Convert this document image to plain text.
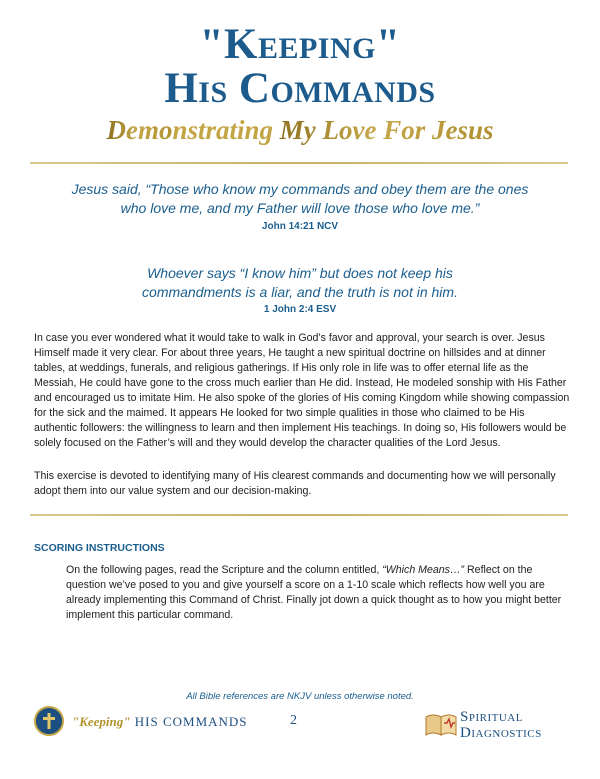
"Keeping"
His Commands
Demonstrating My Love For Jesus
Jesus said, “Those who know my commands and obey them are the ones
who love me, and my Father will love those who love me.”
John 14:21 NCV
Whoever says “I know him” but does not keep his
commandments is a liar, and the truth is not in him.
1 John 2:4 ESV
In case you ever wondered what it would take to walk in God’s favor and approval, your search is over. Jesus Himself made it very clear. For about three years, He taught a new spiritual doctrine on hillsides and at dinner tables, at weddings, funerals, and religious gatherings. If His only role in life was to offer eternal life as the Messiah, He could have gone to the cross much earlier than He did. Instead, He modeled sonship with His Father and encouraged us to imitate Him. He also spoke of the glories of His coming Kingdom while showing compassion for the sick and the maimed. It appears He looked for two simple qualities in those who claimed to be His authentic followers: the willingness to learn and then implement His teachings. In doing so, His followers would be solely focused on the Father’s will and they would develop the character qualities of the Lord Jesus.
This exercise is devoted to identifying many of His clearest commands and documenting how we will personally adopt them into our value system and our decision-making.
SCORING INSTRUCTIONS
On the following pages, read the Scripture and the column entitled, “Which Means…” Reflect on the question we’ve posed to you and give yourself a score on a 1-10 scale which reflects how well you are already implementing this Command of Christ. Finally jot down a quick thought as to how you might better implement this particular command.
All Bible references are NKJV unless otherwise noted.
"Keeping" HIS COMMANDS	2	Spiritual
Diagnostics
